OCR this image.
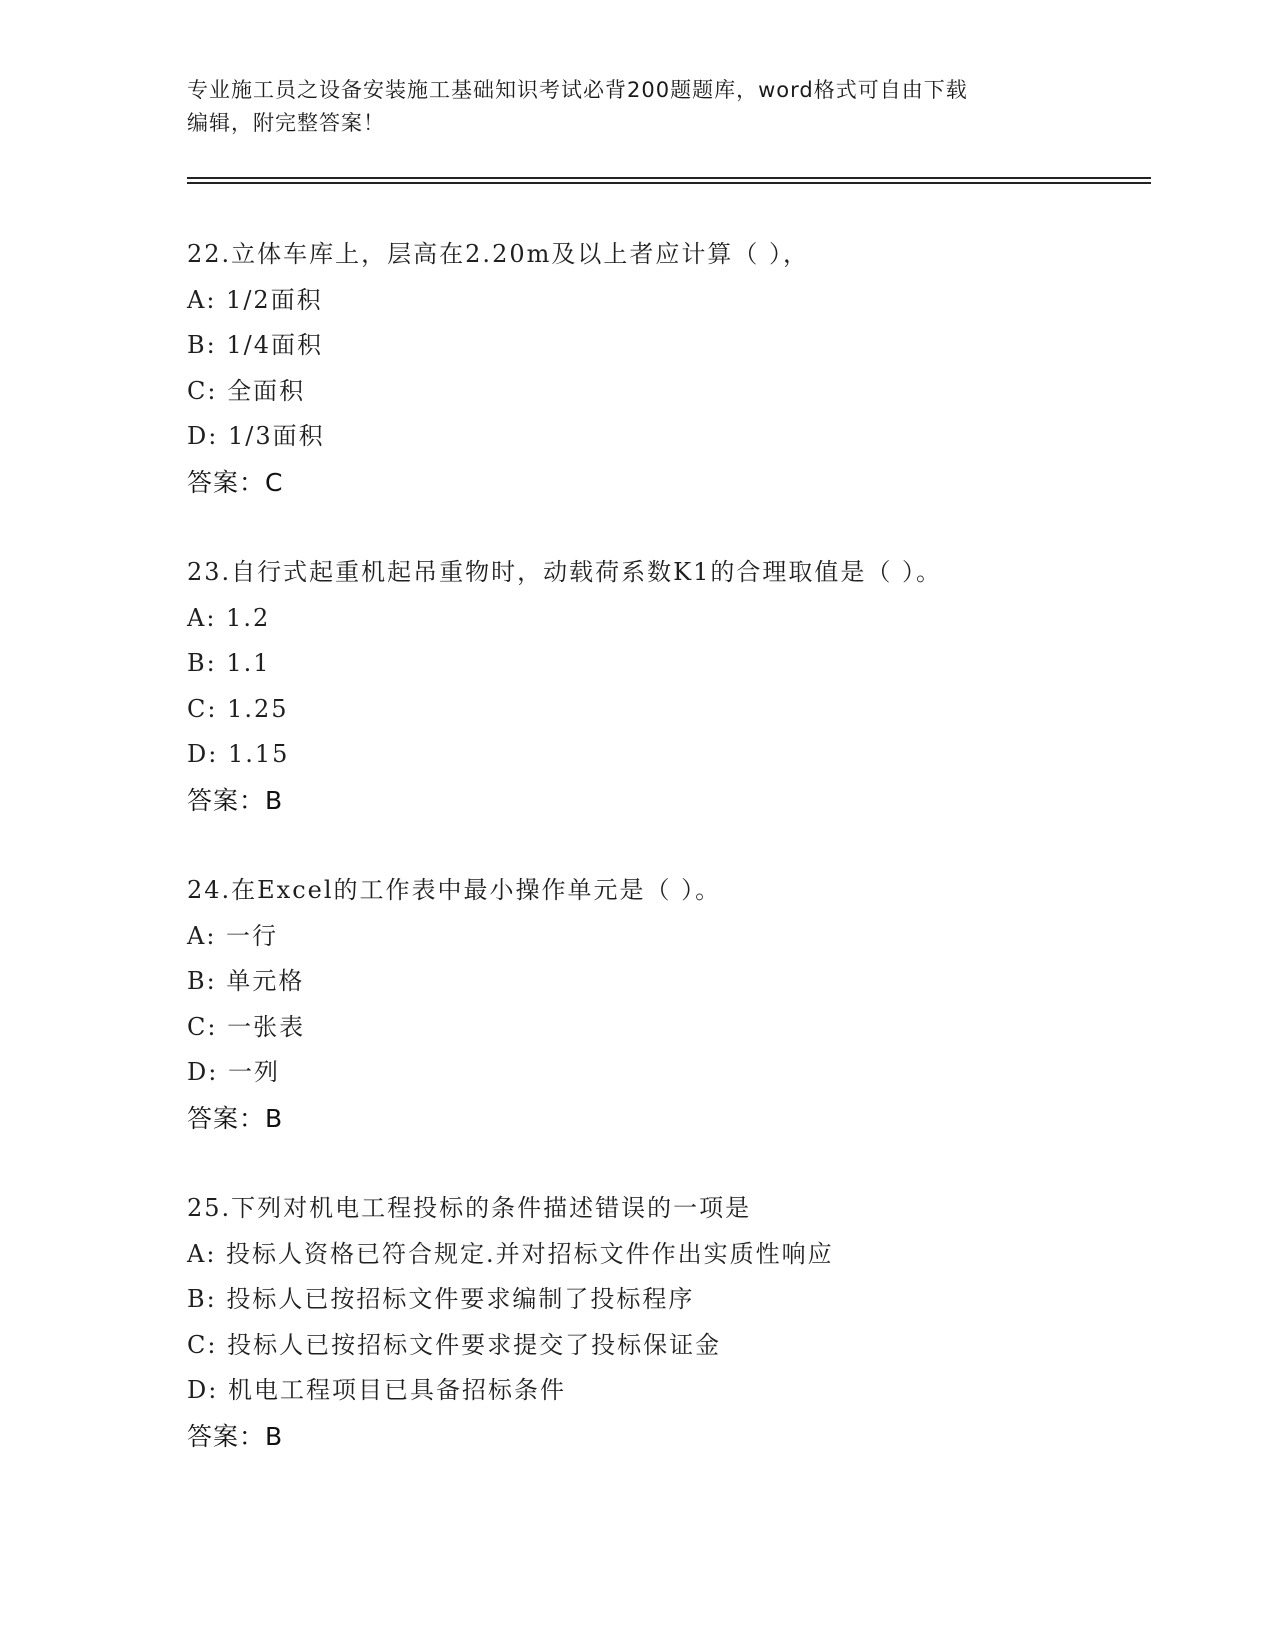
专业施工员之设备安装施工基础知识考试必背200题题库，word格式可自由下载
编辑，附完整答案！
22.立体车库上，层高在2.20m及以上者应计算（ ），
A: 1/2面积
B: 1/4面积
C: 全面积
D: 1/3面积
答案：C
23.自行式起重机起吊重物时，动载荷系数K1的合理取值是（ ）。
A: 1.2
B: 1.1
C: 1.25
D: 1.15
答案：B
24.在Excel的工作表中最小操作单元是（ ）。
A: 一行
B: 单元格
C: 一张表
D: 一列
答案：B
25.下列对机电工程投标的条件描述错误的一项是
A: 投标人资格已符合规定.并对招标文件作出实质性响应
B: 投标人已按招标文件要求编制了投标程序
C: 投标人已按招标文件要求提交了投标保证金
D: 机电工程项目已具备招标条件
答案：B
